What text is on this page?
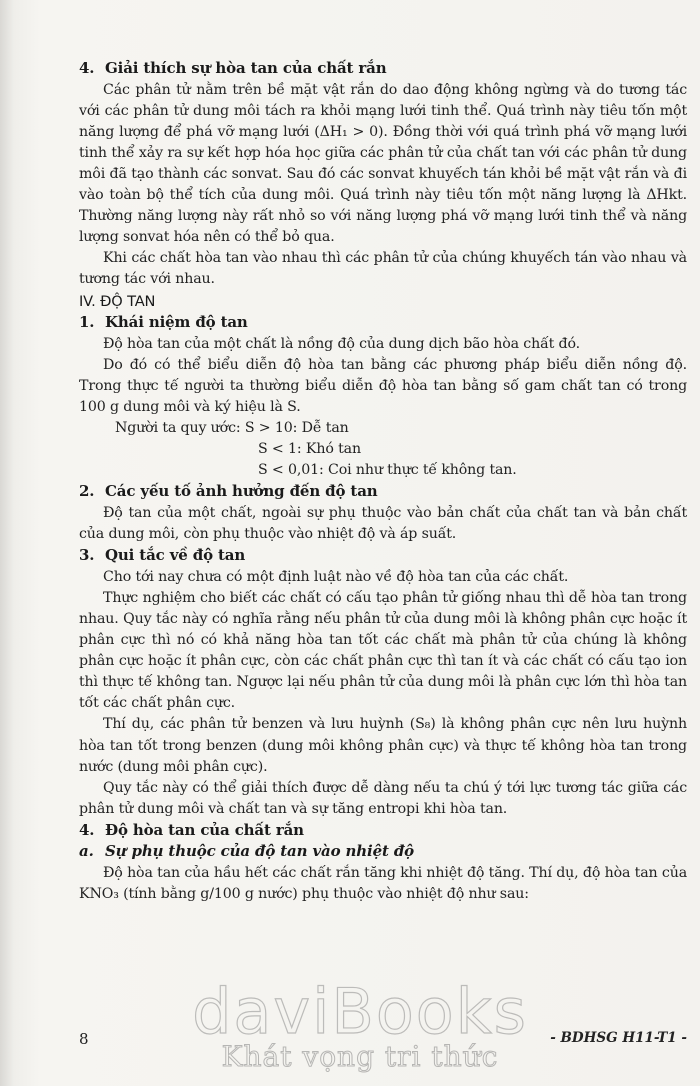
4. Giải thích sự hòa tan của chất rắn

Các phân tử nằm trên bề mặt vật rắn do dao động không ngừng và do tương tác với các phân tử dung môi tách ra khỏi mạng lưới tinh thể. Quá trình này tiêu tốn một năng lượng để phá vỡ mạng lưới (ΔH₁ > 0). Đồng thời với quá trình phá vỡ mạng lưới tinh thể xảy ra sự kết hợp hóa học giữa các phân tử của chất tan với các phân tử dung môi đã tạo thành các sonvat. Sau đó các sonvat khuyếch tán khỏi bề mặt vật rắn và đi vào toàn bộ thể tích của dung môi. Quá trình này tiêu tốn một năng lượng là ΔHkt. Thường năng lượng này rất nhỏ so với năng lượng phá vỡ mạng lưới tinh thể và năng lượng sonvat hóa nên có thể bỏ qua.

Khi các chất hòa tan vào nhau thì các phân tử của chúng khuyếch tán vào nhau và tương tác với nhau.

IV. ĐỘ TAN
1. Khái niệm độ tan

Độ hòa tan của một chất là nồng độ của dung dịch bão hòa chất đó.

Do đó có thể biểu diễn độ hòa tan bằng các phương pháp biểu diễn nồng độ. Trong thực tế người ta thường biểu diễn độ hòa tan bằng số gam chất tan có trong 100 g dung môi và ký hiệu là S.

Người ta quy ước: S > 10: Dễ tan
S < 1: Khó tan
S < 0,01: Coi như thực tế không tan.
2. Các yếu tố ảnh hưởng đến độ tan

Độ tan của một chất, ngoài sự phụ thuộc vào bản chất của chất tan và bản chất của dung môi, còn phụ thuộc vào nhiệt độ và áp suất.

3. Qui tắc về độ tan

Cho tới nay chưa có một định luật nào về độ hòa tan của các chất.

Thực nghiệm cho biết các chất có cấu tạo phân tử giống nhau thì dễ hòa tan trong nhau. Quy tắc này có nghĩa rằng nếu phân tử của dung môi là không phân cực hoặc ít phân cực thì nó có khả năng hòa tan tốt các chất mà phân tử của chúng là không phân cực hoặc ít phân cực, còn các chất phân cực thì tan ít và các chất có cấu tạo ion thì thực tế không tan. Ngược lại nếu phân tử của dung môi là phân cực lớn thì hòa tan tốt các chất phân cực.

Thí dụ, các phân tử benzen và lưu huỳnh (S₈) là không phân cực nên lưu huỳnh hòa tan tốt trong benzen (dung môi không phân cực) và thực tế không hòa tan trong nước (dung môi phân cực).

Quy tắc này có thể giải thích được dễ dàng nếu ta chú ý tới lực tương tác giữa các phân tử dung môi và chất tan và sự tăng entropi khi hòa tan.

4. Độ hòa tan của chất rắn
a. Sự phụ thuộc của độ tan vào nhiệt độ

Độ hòa tan của hầu hết các chất rắn tăng khi nhiệt độ tăng. Thí dụ, độ hòa tan của KNO₃ (tính bằng g/100 g nước) phụ thuộc vào nhiệt độ như sau:

daviBooks
Khát vọng tri thức
8	- BDHSG H11-T1 -
